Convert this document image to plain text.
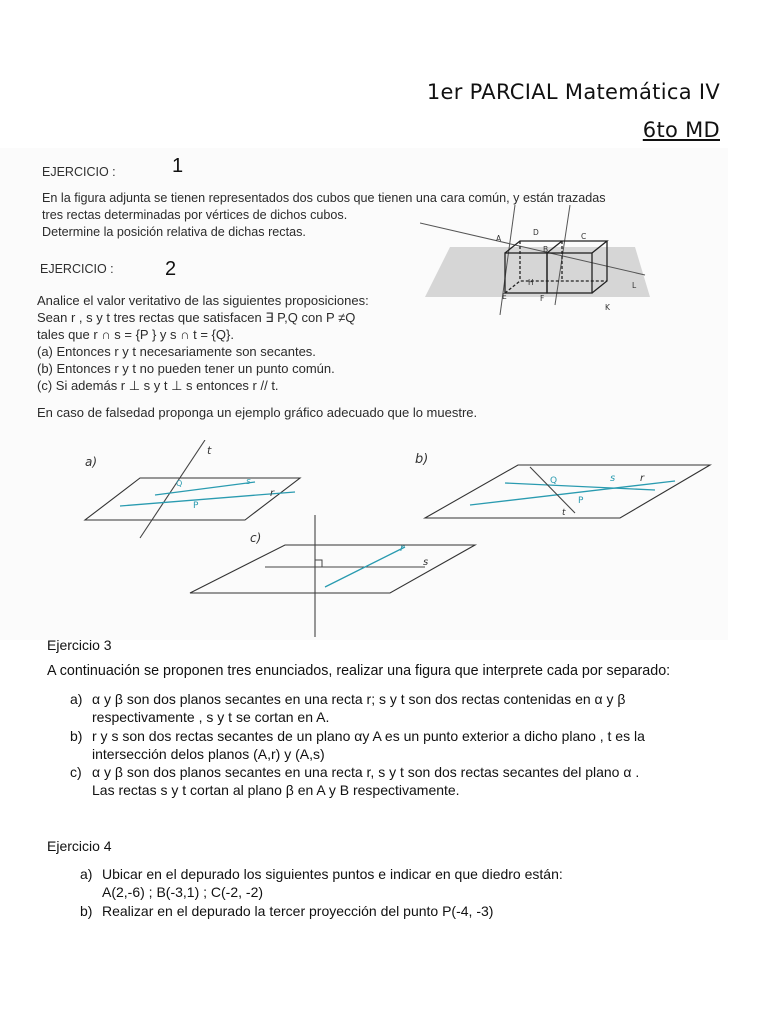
1er PARCIAL Matemática IV
6to MD
EJERCICIO :	1
En la figura adjunta se tienen representados dos cubos que tienen una cara común, y están trazadas
tres rectas determinadas por vértices de dichos cubos.
Determine la posición relativa de dichas rectas.	A
D	C
B
H	L
E	F
K
EJERCICIO :	2
Analice el valor veritativo de las siguientes proposiciones:
Sean r , s y t tres rectas que satisfacen ∃ P,Q con P ≠Q
tales que r ∩ s = {P } y s ∩ t = {Q}.
(a) Entonces r y t necesariamente son secantes.
(b) Entonces r y t no pueden tener un punto común.
(c) Si además r ⊥ s y t ⊥ s entonces r // t.
En caso de falsedad proponga un ejemplo gráfico adecuado que lo muestre.
a)
t
Q	s
P
r
b)
Q	s
P
r
t
c)
r
s
Ejercicio 3
A continuación se proponen tres enunciados, realizar una figura que interprete cada por separado:
a) α y β son dos planos secantes en una recta r; s y t son dos rectas contenidas en α y β
respectivamente , s y t se cortan en A.
b) r y s son dos rectas secantes de un plano αy A es un punto exterior a dicho plano , t es la
intersección delos planos (A,r) y (A,s)
c) α y β son dos planos secantes en una recta r, s y t son dos rectas secantes del plano α .
Las rectas s y t cortan al plano β en A y B respectivamente.
Ejercicio 4
a) Ubicar en el depurado los siguientes puntos e indicar en que diedro están:
A(2,-6) ; B(-3,1) ; C(-2, -2)
b) Realizar en el depurado la tercer proyección del punto P(-4, -3)
